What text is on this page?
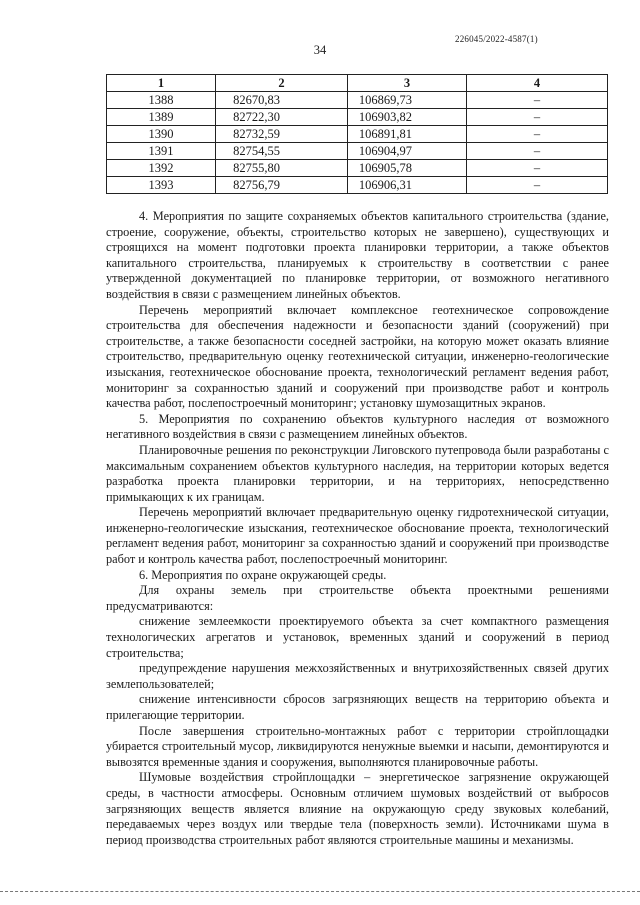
226045/2022-4587(1)
34
1	2	3	4
1388	82670,83	106869,73	–
1389	82722,30	106903,82	–
1390	82732,59	106891,81	–
1391	82754,55	106904,97	–
1392	82755,80	106905,78	–
1393	82756,79	106906,31	–

4. Мероприятия по защите сохраняемых объектов капитального строительства (здание, строение, сооружение, объекты, строительство которых не завершено), существующих и строящихся на момент подготовки проекта планировки территории, а также объектов капитального строительства, планируемых к строительству в соответствии с ранее утвержденной документацией по планировке территории, от возможного негативного воздействия в связи с размещением линейных объектов.

Перечень мероприятий включает комплексное геотехническое сопровождение строительства для обеспечения надежности и безопасности зданий (сооружений) при строительстве, а также безопасности соседней застройки, на которую может оказать влияние строительство, предварительную оценку геотехнической ситуации, инженерно-геологические изыскания, геотехническое обоснование проекта, технологический регламент ведения работ, мониторинг за сохранностью зданий и сооружений при производстве работ и контроль качества работ, послепостроечный мониторинг; установку шумозащитных экранов.

5. Мероприятия по сохранению объектов культурного наследия от возможного негативного воздействия в связи с размещением линейных объектов.

Планировочные решения по реконструкции Лиговского путепровода были разработаны с максимальным сохранением объектов культурного наследия, на территории которых ведется разработка проекта планировки территории, и на территориях, непосредственно примыкающих к их границам.

Перечень мероприятий включает предварительную оценку гидротехнической ситуации, инженерно-геологические изыскания, геотехническое обоснование проекта, технологический регламент ведения работ, мониторинг за сохранностью зданий и сооружений при производстве работ и контроль качества работ, послепостроечный мониторинг.

6. Мероприятия по охране окружающей среды.

Для охраны земель при строительстве объекта проектными решениями предусматриваются:

снижение землеемкости проектируемого объекта за счет компактного размещения технологических агрегатов и установок, временных зданий и сооружений в период строительства;

предупреждение нарушения межхозяйственных и внутрихозяйственных связей других землепользователей;

снижение интенсивности сбросов загрязняющих веществ на территорию объекта и прилегающие территории.

После завершения строительно-монтажных работ с территории стройплощадки убирается строительный мусор, ликвидируются ненужные выемки и насыпи, демонтируются и вывозятся временные здания и сооружения, выполняются планировочные работы.

Шумовые воздействия стройплощадки – энергетическое загрязнение окружающей среды, в частности атмосферы. Основным отличием шумовых воздействий от выбросов загрязняющих веществ является влияние на окружающую среду звуковых колебаний, передаваемых через воздух или твердые тела (поверхность земли). Источниками шума в период производства строительных работ являются строительные машины и механизмы.
